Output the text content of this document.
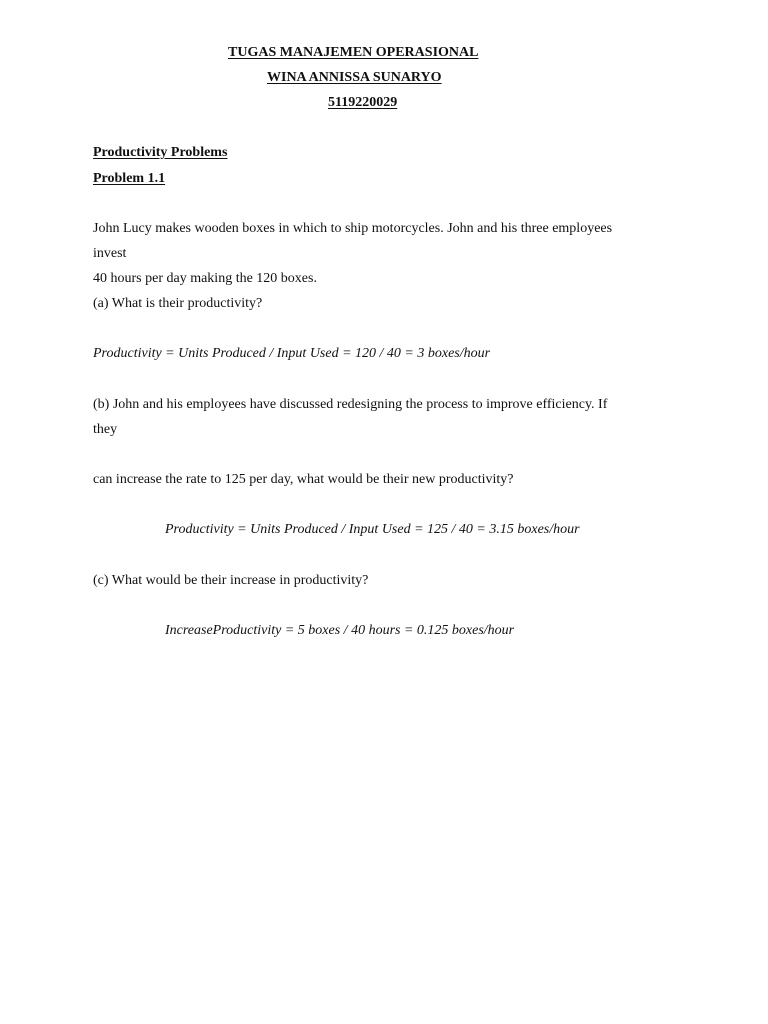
TUGAS MANAJEMEN OPERASIONAL
WINA ANNISSA SUNARYO
5119220029
Productivity Problems
Problem 1.1
John Lucy makes wooden boxes in which to ship motorcycles. John and his three employees
invest
40 hours per day making the 120 boxes.
(a) What is their productivity?
Productivity = Units Produced / Input Used = 120 / 40 = 3 boxes/hour
(b) John and his employees have discussed redesigning the process to improve efficiency. If
they
can increase the rate to 125 per day, what would be their new productivity?
Productivity = Units Produced / Input Used = 125 / 40 = 3.15 boxes/hour
(c) What would be their increase in productivity?
IncreaseProductivity = 5 boxes / 40 hours = 0.125 boxes/hour
